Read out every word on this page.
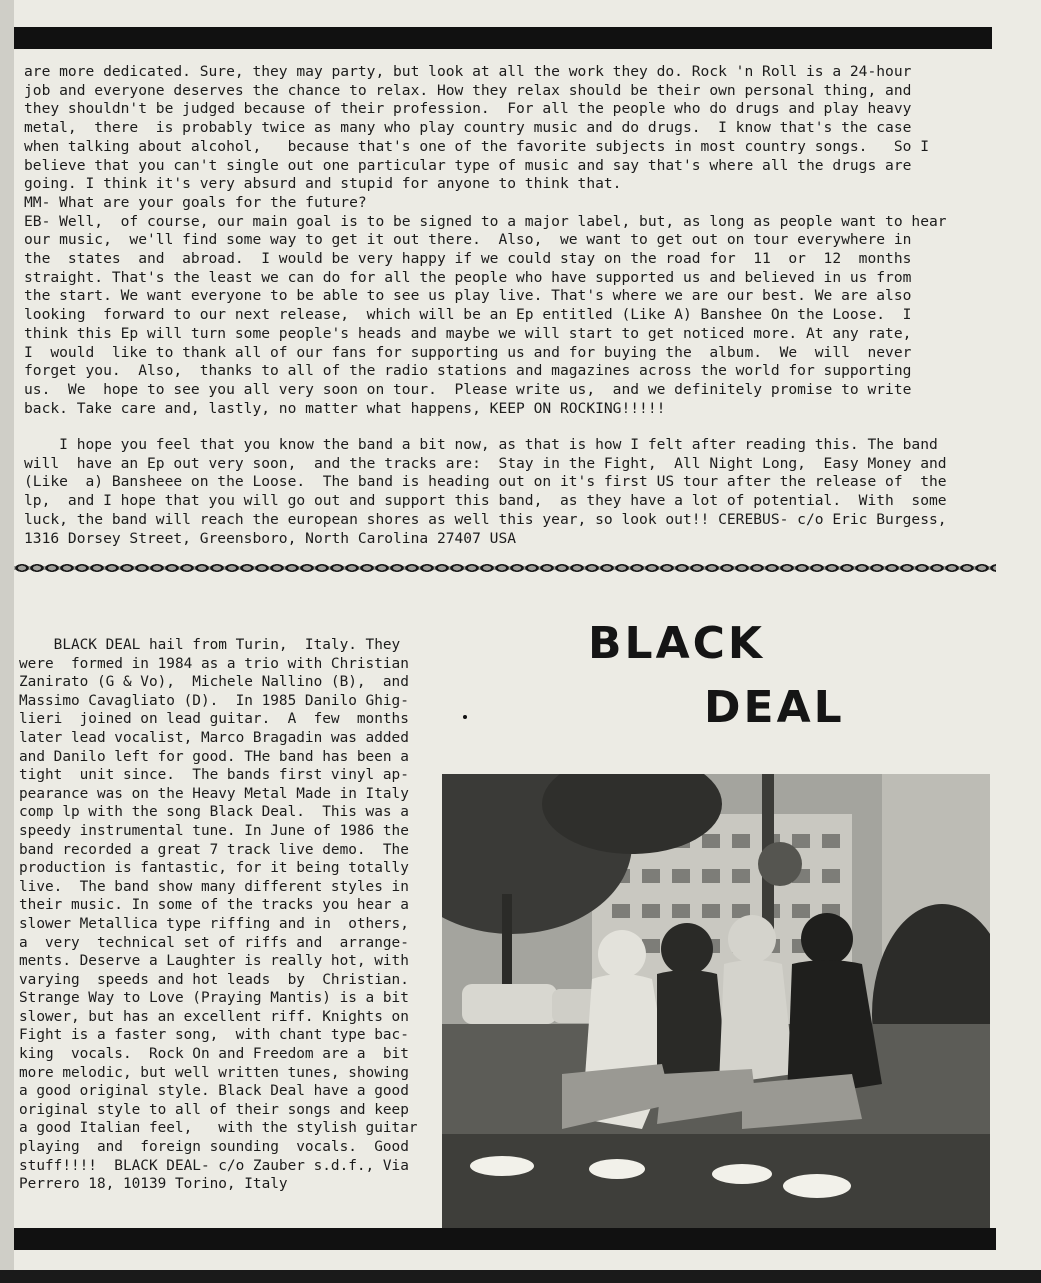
are more dedicated. Sure, they may party, but look at all the work they do. Rock 'n Roll is a 24-hour
job and everyone deserves the chance to relax. How they relax should be their own personal thing, and
they shouldn't be judged because of their profession.  For all the people who do drugs and play heavy
metal,  there  is probably twice as many who play country music and do drugs.  I know that's the case
when talking about alcohol,   because that's one of the favorite subjects in most country songs.   So I
believe that you can't single out one particular type of music and say that's where all the drugs are
going. I think it's very absurd and stupid for anyone to think that.
MM- What are your goals for the future?
EB- Well,  of course, our main goal is to be signed to a major label, but, as long as people want to hear
our music,  we'll find some way to get it out there.  Also,  we want to get out on tour everywhere in
the  states  and  abroad.  I would be very happy if we could stay on the road for  11  or  12  months
straight. That's the least we can do for all the people who have supported us and believed in us from
the start. We want everyone to be able to see us play live. That's where we are our best. We are also
looking  forward to our next release,  which will be an Ep entitled (Like A) Banshee On the Loose.  I
think this Ep will turn some people's heads and maybe we will start to get noticed more. At any rate,
I  would  like to thank all of our fans for supporting us and for buying the  album.  We  will  never
forget you.  Also,  thanks to all of the radio stations and magazines across the world for supporting
us.  We  hope to see you all very soon on tour.  Please write us,  and we definitely promise to write
back. Take care and, lastly, no matter what happens, KEEP ON ROCKING!!!!!
I hope you feel that you know the band a bit now, as that is how I felt after reading this. The band
will  have an Ep out very soon,  and the tracks are:  Stay in the Fight,  All Night Long,  Easy Money and
(Like  a) Bansheee on the Loose.  The band is heading out on it's first US tour after the release of  the
lp,  and I hope that you will go out and support this band,  as they have a lot of potential.  With  some
luck, the band will reach the european shores as well this year, so look out!! CEREBUS- c/o Eric Burgess,
1316 Dorsey Street, Greensboro, North Carolina 27407 USA
BLACK DEAL hail from Turin,  Italy. They
were  formed in 1984 as a trio with Christian
Zanirato (G & Vo),  Michele Nallino (B),  and
Massimo Cavagliato (D).  In 1985 Danilo Ghig-
lieri  joined on lead guitar.  A  few  months
later lead vocalist, Marco Bragadin was added
and Danilo left for good. THe band has been a
tight  unit since.  The bands first vinyl ap-
pearance was on the Heavy Metal Made in Italy
comp lp with the song Black Deal.  This was a
speedy instrumental tune. In June of 1986 the
band recorded a great 7 track live demo.  The
production is fantastic, for it being totally
live.  The band show many different styles in
their music. In some of the tracks you hear a
slower Metallica type riffing and in  others,
a  very  technical set of riffs and  arrange-
ments. Deserve a Laughter is really hot, with
varying  speeds and hot leads  by  Christian.
Strange Way to Love (Praying Mantis) is a bit
slower, but has an excellent riff. Knights on
Fight is a faster song,  with chant type bac-
king  vocals.  Rock On and Freedom are a  bit
more melodic, but well written tunes, showing
a good original style. Black Deal have a good
original style to all of their songs and keep
a good Italian feel,   with the stylish guitar
playing  and  foreign sounding  vocals.  Good
stuff!!!!  BLACK DEAL- c/o Zauber s.d.f., Via
Perrero 18, 10139 Torino, Italy
BLACK
DEAL
